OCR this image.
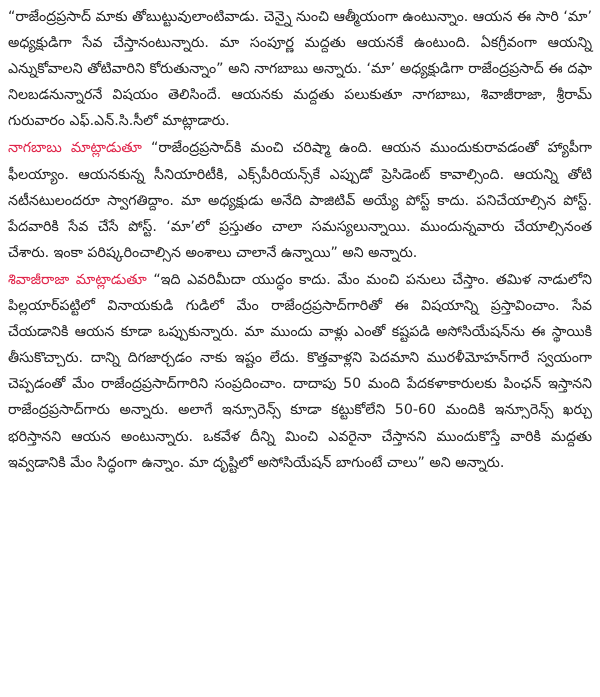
“రాజేంద్రప్రసాద్ మాకు తోబుట్టువులాంటివాడు. చెన్నై నుంచి ఆత్మీయంగా ఉంటున్నాం. ఆయన ఈ సారి ‘మా’ అధ్యక్షుడిగా సేవ చేస్తానంటున్నారు. మా సంపూర్ణ మద్దతు ఆయనకే ఉంటుంది. ఏకగ్రీవంగా ఆయన్ని ఎన్నుకోవాలని తోటివారిని కోరుతున్నాం” అని నాగబాబు అన్నారు. ‘మా’ అధ్యక్షుడిగా రాజేంద్రప్రసాద్ ఈ దఫా నిలబడనున్నారనే విషయం తెలిసిందే. ఆయనకు మద్దతు పలుకుతూ నాగబాబు, శివాజీరాజా, శ్రీరామ్ గురువారం ఎఫ్.ఎన్.సి.సీలో మాట్లాడారు.

నాగబాబు మాట్లాడుతూ “రాజేంద్రప్రసాద్‌కి మంచి చరిష్మా ఉంది. ఆయన ముందుకురావడంతో హ్యాపీగా ఫీలయ్యాం. ఆయనకున్న సీనియారిటీకి, ఎక్స్‌పీరియన్స్‌కే ఎప్పుడో ప్రెసిడెంట్ కావాల్సింది. ఆయన్ని తోటి నటీనటులందరూ స్వాగతిద్దాం. మా అధ్యక్షుడు అనేది పాజిటివ్ అయ్యే పోస్ట్ కాదు. పనిచేయాల్సిన పోస్ట్. పేదవారికి సేవ చేసే పోస్ట్. ‘మా’లో ప్రస్తుతం చాలా సమస్యలున్నాయి. ముందున్నవారు చేయాల్సినంత చేశారు. ఇంకా పరిష్కరించాల్సిన అంశాలు చాలానే ఉన్నాయి” అని అన్నారు.

శివాజీరాజా మాట్లాడుతూ “ఇది ఎవరిమీదా యుద్ధం కాదు. మేం మంచి పనులు చేస్తాం. తమిళ నాడులోని పిల్లయార్‌పట్టిలో వినాయకుడి గుడిలో మేం రాజేంద్రప్రసాద్‌గారితో ఈ విషయాన్ని ప్రస్తావించాం. సేవ చేయడానికి ఆయన కూడా ఒప్పుకున్నారు. మా ముందు వాళ్లు ఎంతో కష్టపడి అసోసియేషన్‌ను ఈ స్థాయికి తీసుకొచ్చారు. దాన్ని దిగజార్చడం నాకు ఇష్టం లేదు. కొత్తవాళ్లని పెదమాని మురళీమోహన్‌గారే స్వయంగా చెప్పడంతో మేం రాజేంద్రప్రసాద్‌గారిని సంప్రదించాం. దాదాపు 50 మంది పేదకళాకారులకు పింఛన్ ఇస్తానని రాజేంద్రప్రసాద్‌గారు అన్నారు. అలాగే ఇన్సూరెన్స్ కూడా కట్టుకోలేని 50-60 మందికి ఇన్సూరెన్స్ ఖర్చు భరిస్తానని ఆయన అంటున్నారు. ఒకవేళ దీన్ని మించి ఎవరైనా చేస్తానని ముందుకొస్తే వారికి మద్దతు ఇవ్వడానికి మేం సిద్ధంగా ఉన్నాం. మా దృష్టిలో అసోసియేషన్ బాగుంటే చాలు” అని అన్నారు.
